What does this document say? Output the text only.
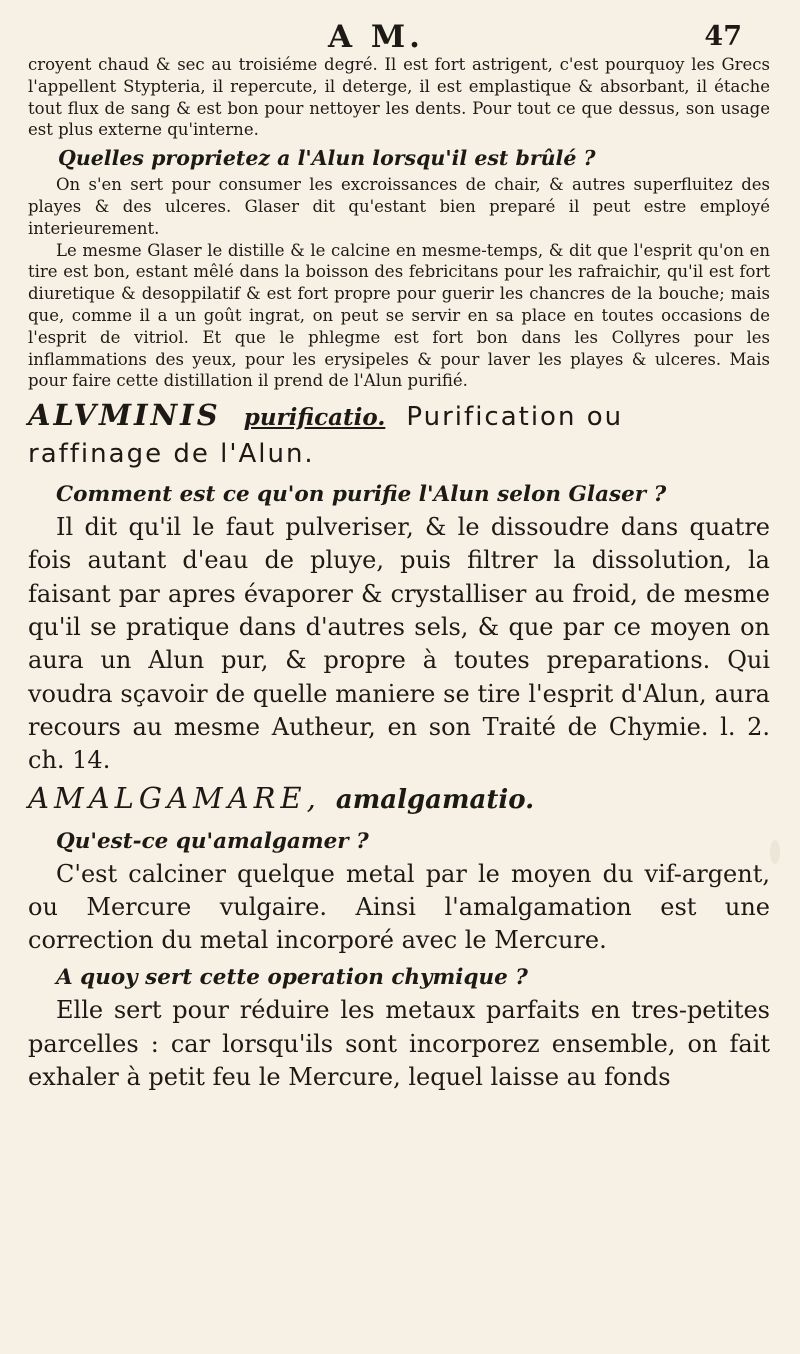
A M.	47

croyent chaud & sec au troisiéme degré. Il est fort astrigent, c'est pourquoy les Grecs l'appellent Stypteria, il repercute, il deterge, il est emplastique & absorbant, il étache tout flux de sang & est bon pour nettoyer les dents. Pour tout ce que dessus, son usage est plus externe qu'interne.

Quelles proprietez a l'Alun lorsqu'il est brûlé ?

On s'en sert pour consumer les excroissances de chair, & autres superfluitez des playes & des ulceres. Glaser dit qu'estant bien preparé il peut estre employé interieurement.

Le mesme Glaser le distille & le calcine en mesme-temps, & dit que l'esprit qu'on en tire est bon, estant mêlé dans la boisson des febricitans pour les rafraichir, qu'il est fort diuretique & desoppilatif & est fort propre pour guerir les chancres de la bouche; mais que, comme il a un goût ingrat, on peut se servir en sa place en toutes occasions de l'esprit de vitriol. Et que le phlegme est fort bon dans les Collyres pour les inflammations des yeux, pour les erysipeles & pour laver les playes & ulceres. Mais pour faire cette distillation il prend de l'Alun purifié.

ALVMINIS purificatio. Purification ou
raffinage de l'Alun.

Comment est ce qu'on purifie l'Alun selon Glaser ?

Il dit qu'il le faut pulveriser, & le dissoudre dans quatre fois autant d'eau de pluye, puis filtrer la dissolution, la faisant par apres évaporer & crystalliser au froid, de mesme qu'il se pratique dans d'autres sels, & que par ce moyen on aura un Alun pur, & propre à toutes preparations. Qui voudra sçavoir de quelle maniere se tire l'esprit d'Alun, aura recours au mesme Autheur, en son Traité de Chymie. l. 2. ch. 14.

AMALGAMARE, amalgamatio.

Qu'est-ce qu'amalgamer ?

C'est calciner quelque metal par le moyen du vif-argent, ou Mercure vulgaire. Ainsi l'amalgamation est une correction du metal incorporé avec le Mercure.

A quoy sert cette operation chymique ?

Elle sert pour réduire les metaux parfaits en tres-petites parcelles : car lorsqu'ils sont incorporez ensemble, on fait exhaler à petit feu le Mercure, lequel laisse au fonds
